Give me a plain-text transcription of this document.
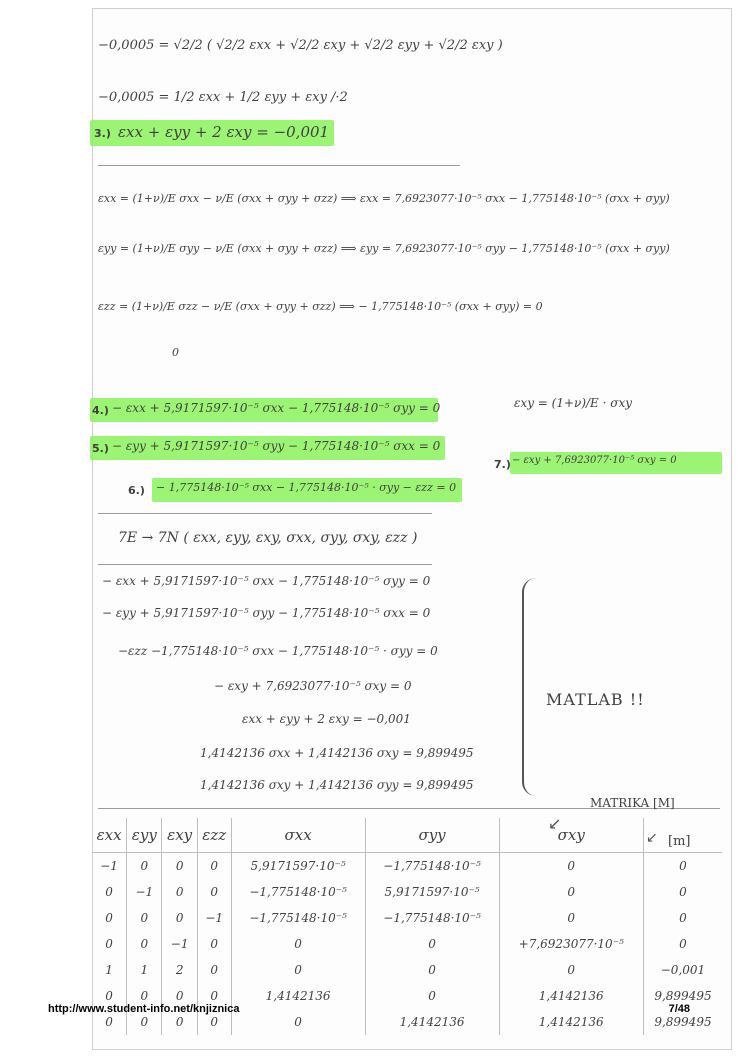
−0,0005 = √2/2 ( √2/2 εxx + √2/2 εxy + √2/2 εyy + √2/2 εxy )
−0,0005 = 1/2 εxx + 1/2 εyy + εxy /·2
3.) εxx + εyy + 2 εxy = −0,001
εxx = (1+ν)/E σxx − ν/E (σxx + σyy + σzz) ⟹ εxx = 7,6923077·10⁻⁵ σxx − 1,775148·10⁻⁵ (σxx + σyy)
εyy = (1+ν)/E σyy − ν/E (σxx + σyy + σzz) ⟹ εyy = 7,6923077·10⁻⁵ σyy − 1,775148·10⁻⁵ (σxx + σyy)
εzz = (1+ν)/E σzz − ν/E (σxx + σyy + σzz) ⟹ − 1,775148·10⁻⁵ (σxx + σyy) = 0
0
4.) − εxx + 5,9171597·10⁻⁵ σxx − 1,775148·10⁻⁵ σyy = 0
5.) − εyy + 5,9171597·10⁻⁵ σyy − 1,775148·10⁻⁵ σxx = 0
εxy = (1+ν)/E · σxy
7.) − εxy + 7,6923077·10⁻⁵ σxy = 0
6.) − 1,775148·10⁻⁵ σxx − 1,775148·10⁻⁵ · σyy − εzz = 0
7E → 7N ( εxx, εyy, εxy, σxx, σyy, σxy, εzz )
− εxx + 5,9171597·10⁻⁵ σxx − 1,775148·10⁻⁵ σyy = 0
− εyy + 5,9171597·10⁻⁵ σyy − 1,775148·10⁻⁵ σxx = 0
−εzz −1,775148·10⁻⁵ σxx − 1,775148·10⁻⁵ · σyy = 0
− εxy + 7,6923077·10⁻⁵ σxy = 0
εxx + εyy + 2 εxy = −0,001
1,4142136 σxx + 1,4142136 σxy = 9,899495
1,4142136 σxy + 1,4142136 σyy = 9,899495
MATLAB !!
MATRIKA [M]
↙
[m]
↙
εxx	εyy	εxy	εzz	σxx	σyy	σxy	
−1	0	0	0	5,9171597·10⁻⁵	−1,775148·10⁻⁵	0	0
0	−1	0	0	−1,775148·10⁻⁵	5,9171597·10⁻⁵	0	0
0	0	0	−1	−1,775148·10⁻⁵	−1,775148·10⁻⁵	0	0
0	0	−1	0	0	0	+7,6923077·10⁻⁵	0
1	1	2	0	0	0	0	−0,001
0	0	0	0	1,4142136	0	1,4142136	9,899495
0	0	0	0	0	1,4142136	1,4142136	9,899495
http://www.student-info.net/knjiznica	7/48
